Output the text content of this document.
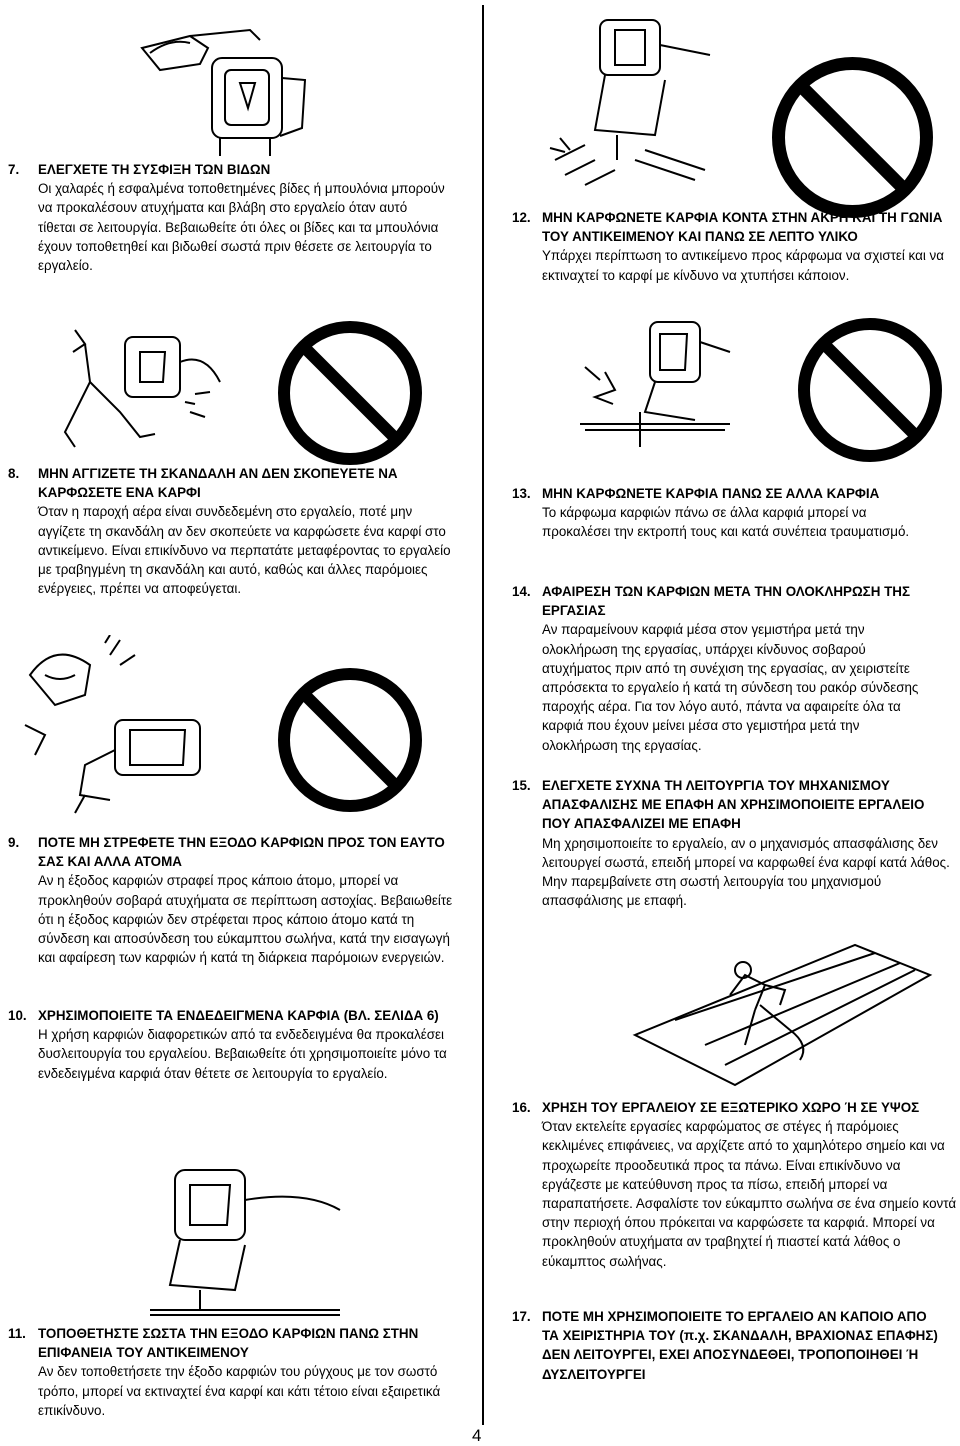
7. ΕΛΕΓΧΕΤΕ ΤΗ ΣΥΣΦΙΞΗ ΤΩΝ ΒΙΔΩΝ
Οι χαλαρές ή εσφαλμένα τοποθετημένες βίδες ή μπουλόνια μπορούν να προκαλέσουν ατυχήματα και βλάβη στο εργαλείο όταν αυτό τίθεται σε λειτουργία. Βεβαιωθείτε ότι όλες οι βίδες και τα μπουλόνια έχουν τοποθετηθεί και βιδωθεί σωστά πριν θέσετε σε λειτουργία το εργαλείο.
8. ΜΗΝ ΑΓΓΙΖΕΤΕ ΤΗ ΣΚΑΝΔΑΛΗ ΑΝ ΔΕΝ ΣΚΟΠΕΥΕΤΕ ΝΑ ΚΑΡΦΩΣΕΤΕ ΕΝΑ ΚΑΡΦΙ
Όταν η παροχή αέρα είναι συνδεδεμένη στο εργαλείο, ποτέ μην αγγίζετε τη σκανδάλη αν δεν σκοπεύετε να καρφώσετε ένα καρφί στο αντικείμενο. Είναι επικίνδυνο να περπατάτε μεταφέροντας το εργαλείο με τραβηγμένη τη σκανδάλη και αυτό, καθώς και άλλες παρόμοιες ενέργειες, πρέπει να αποφεύγεται.
9. ΠΟΤΕ ΜΗ ΣΤΡΕΦΕΤΕ ΤΗΝ ΕΞΟΔΟ ΚΑΡΦΙΩΝ ΠΡΟΣ ΤΟΝ ΕΑΥΤΟ ΣΑΣ ΚΑΙ ΑΛΛΑ ΑΤΟΜΑ
Αν η έξοδος καρφιών στραφεί προς κάποιο άτομο, μπορεί να προκληθούν σοβαρά ατυχήματα σε περίπτωση αστοχίας. Βεβαιωθείτε ότι η έξοδος καρφιών δεν στρέφεται προς κάποιο άτομο κατά τη σύνδεση και αποσύνδεση του εύκαμπτου σωλήνα, κατά την εισαγωγή και αφαίρεση των καρφιών ή κατά τη διάρκεια παρόμοιων ενεργειών.
10. ΧΡΗΣΙΜΟΠΟΙΕΙΤΕ ΤΑ ΕΝΔΕΔΕΙΓΜΕΝΑ ΚΑΡΦΙΑ (ΒΛ. ΣΕΛΙΔΑ 6)
Η χρήση καρφιών διαφορετικών από τα ενδεδειγμένα θα προκαλέσει δυσλειτουργία του εργαλείου. Βεβαιωθείτε ότι χρησιμοποιείτε μόνο τα ενδεδειγμένα καρφιά όταν θέτετε σε λειτουργία το εργαλείο.
11. ΤΟΠΟΘΕΤΗΣΤΕ ΣΩΣΤΑ ΤΗΝ ΕΞΟΔΟ ΚΑΡΦΙΩΝ ΠΑΝΩ ΣΤΗΝ ΕΠΙΦΑΝΕΙΑ ΤΟΥ ΑΝΤΙΚΕΙΜΕΝΟΥ
Αν δεν τοποθετήσετε την έξοδο καρφιών του ρύγχους με τον σωστό τρόπο, μπορεί να εκτιναχτεί ένα καρφί και κάτι τέτοιο είναι εξαιρετικά επικίνδυνο.
12. ΜΗΝ ΚΑΡΦΩΝΕΤΕ ΚΑΡΦΙΑ ΚΟΝΤΑ ΣΤΗΝ ΑΚΡΗ ΚΑΙ ΤΗ ΓΩΝΙΑ ΤΟΥ ΑΝΤΙΚΕΙΜΕΝΟΥ ΚΑΙ ΠΑΝΩ ΣΕ ΛΕΠΤΟ ΥΛΙΚΟ
Υπάρχει περίπτωση το αντικείμενο προς κάρφωμα να σχιστεί και να εκτιναχτεί το καρφί με κίνδυνο να χτυπήσει κάποιον.
13. ΜΗΝ ΚΑΡΦΩΝΕΤΕ ΚΑΡΦΙΑ ΠΑΝΩ ΣΕ ΑΛΛΑ ΚΑΡΦΙΑ
Το κάρφωμα καρφιών πάνω σε άλλα καρφιά μπορεί να προκαλέσει την εκτροπή τους και κατά συνέπεια τραυματισμό.
14. ΑΦΑΙΡΕΣΗ ΤΩΝ ΚΑΡΦΙΩΝ ΜΕΤΑ ΤΗΝ ΟΛΟΚΛΗΡΩΣΗ ΤΗΣ ΕΡΓΑΣΙΑΣ
Αν παραμείνουν καρφιά μέσα στον γεμιστήρα μετά την ολοκλήρωση της εργασίας, υπάρχει κίνδυνος σοβαρού ατυχήματος πριν από τη συνέχιση της εργασίας, αν χειριστείτε απρόσεκτα το εργαλείο ή κατά τη σύνδεση του ρακόρ σύνδεσης παροχής αέρα. Για τον λόγο αυτό, πάντα να αφαιρείτε όλα τα καρφιά που έχουν μείνει μέσα στο γεμιστήρα μετά την ολοκλήρωση της εργασίας.
15. ΕΛΕΓΧΕΤΕ ΣΥΧΝΑ ΤΗ ΛΕΙΤΟΥΡΓΙΑ ΤΟΥ ΜΗΧΑΝΙΣΜΟΥ ΑΠΑΣΦΑΛΙΣΗΣ ΜΕ ΕΠΑΦΗ ΑΝ ΧΡΗΣΙΜΟΠΟΙΕΙΤΕ ΕΡΓΑΛΕΙΟ ΠΟΥ ΑΠΑΣΦΑΛΙΖΕΙ ΜΕ ΕΠΑΦΗ
Μη χρησιμοποιείτε το εργαλείο, αν ο μηχανισμός απασφάλισης δεν λειτουργεί σωστά, επειδή μπορεί να καρφωθεί ένα καρφί κατά λάθος. Μην παρεμβαίνετε στη σωστή λειτουργία του μηχανισμού απασφάλισης με επαφή.
16. ΧΡΗΣΗ ΤΟΥ ΕΡΓΑΛΕΙΟΥ ΣΕ ΕΞΩΤΕΡΙΚΟ ΧΩΡΟ Ή ΣΕ ΥΨΟΣ
Όταν εκτελείτε εργασίες καρφώματος σε στέγες ή παρόμοιες κεκλιμένες επιφάνειες, να αρχίζετε από το χαμηλότερο σημείο και να προχωρείτε προοδευτικά προς τα πάνω. Είναι επικίνδυνο να εργάζεστε με κατεύθυνση προς τα πίσω, επειδή μπορεί να παραπατήσετε. Ασφαλίστε τον εύκαμπτο σωλήνα σε ένα σημείο κοντά στην περιοχή όπου πρόκειται να καρφώσετε τα καρφιά. Μπορεί να προκληθούν ατυχήματα αν τραβηχτεί ή πιαστεί κατά λάθος ο εύκαμπτος σωλήνας.
17. ΠΟΤΕ ΜΗ ΧΡΗΣΙΜΟΠΟΙΕΙΤΕ ΤΟ ΕΡΓΑΛΕΙΟ ΑΝ ΚΑΠΟΙΟ ΑΠΟ ΤΑ ΧΕΙΡΙΣΤΗΡΙΑ ΤΟΥ (π.χ. ΣΚΑΝΔΑΛΗ, ΒΡΑΧΙΟΝΑΣ ΕΠΑΦΗΣ) ΔΕΝ ΛΕΙΤΟΥΡΓΕΙ, ΕΧΕΙ ΑΠΟΣΥΝΔΕΘΕΙ, ΤΡΟΠΟΠΟΙΗΘΕΙ Ή ΔΥΣΛΕΙΤΟΥΡΓΕΙ
4
